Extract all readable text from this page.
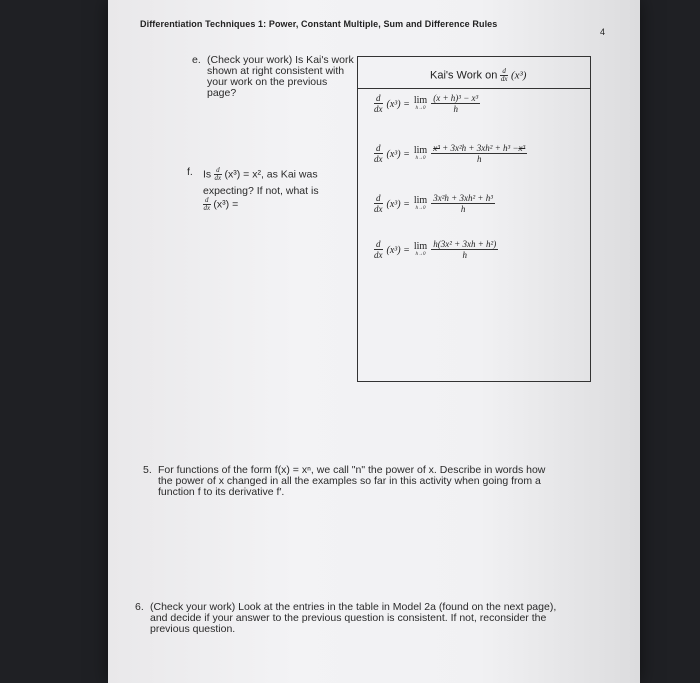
Differentiation Techniques 1: Power, Constant Multiple, Sum and Difference Rules
4
e. (Check your work) Is Kai's work
shown at right consistent with
your work on the previous
page?
f. Is $\frac{d}{dx} (x^3) = x^2$, as Kai was
expecting? If not, what is
$\frac{d}{dx} (x^3)$ =
Kai's Work on $\frac{d}{dx} (x^3)$
$\frac{d}{dx} (x^3) = \lim$
h→0
$\frac{\text{(x + h)³ − x³}}{h}$
$\frac{d}{dx} (x^3) = \lim$
h→0
$\frac{\text{x³ + 3x²h + 3xh² + h³ −x³}}{h}$
$\frac{d}{dx} (x^3) = \lim$
h→0
$\frac{\text{3x²h + 3xh² + h³}}{h}$
$\frac{d}{dx} (x^3) = \lim$
h→0
$\frac{\text{h(3x² + 3xh + h²)}}{h}$
5. For functions of the form f(x) = xⁿ, we call "n" the power of x. Describe in words how
the power of x changed in all the examples so far in this activity when going from a
function f to its derivative f′.
6. (Check your work) Look at the entries in the table in Model 2a (found on the next page),
and decide if your answer to the previous question is consistent. If not, reconsider the
previous question.
